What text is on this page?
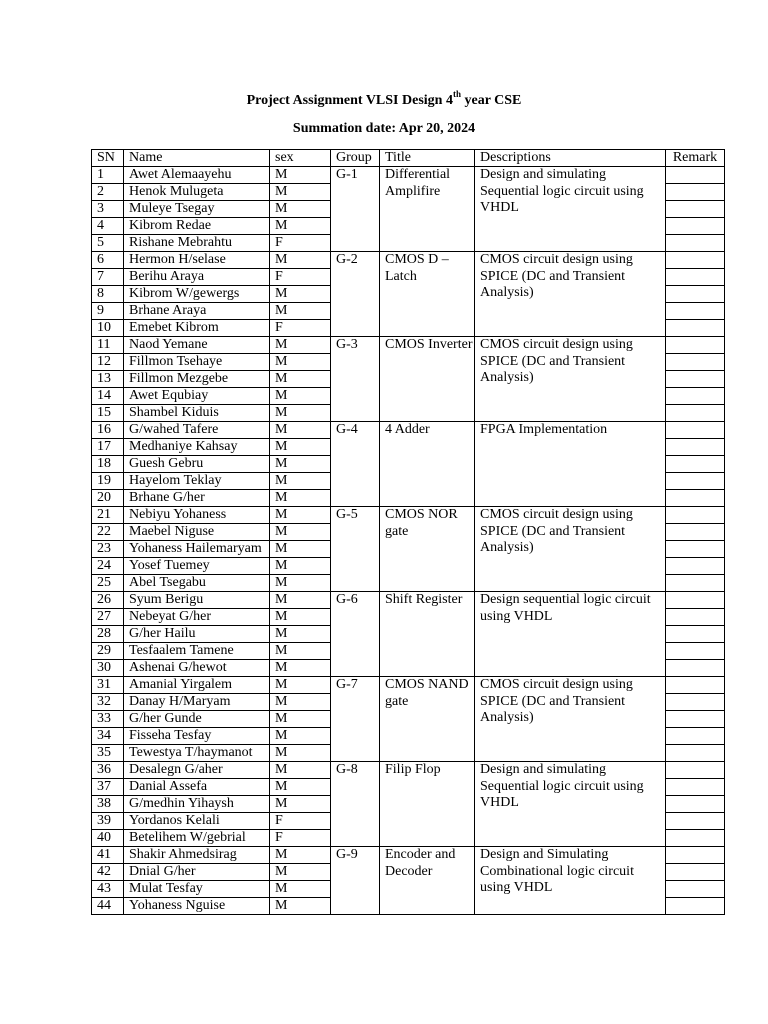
Project Assignment VLSI Design 4th year CSE
Summation date: Apr 20, 2024
SN	Name	sex	Group	Title	Descriptions	Remark
1	Awet Alemaayehu	M	G-1	Differential Amplifire	Design and simulating Sequential logic circuit using VHDL	
2	Henok Mulugeta	M				
3	Muleye Tsegay	M				
4	Kibrom Redae	M				
5	Rishane Mebrahtu	F				
6	Hermon H/selase	M	G-2	CMOS D – Latch	CMOS circuit design using SPICE (DC and Transient Analysis)	
7	Berihu Araya	F				
8	Kibrom W/gewergs	M				
9	Brhane Araya	M				
10	Emebet Kibrom	F				
11	Naod Yemane	M	G-3	CMOS Inverter	CMOS circuit design using SPICE (DC and Transient Analysis)	
12	Fillmon Tsehaye	M				
13	Fillmon Mezgebe	M				
14	Awet Equbiay	M				
15	Shambel Kiduis	M				
16	G/wahed Tafere	M	G-4	4 Adder	FPGA Implementation	
17	Medhaniye Kahsay	M				
18	Guesh Gebru	M				
19	Hayelom Teklay	M				
20	Brhane G/her	M				
21	Nebiyu Yohaness	M	G-5	CMOS NOR gate	CMOS circuit design using SPICE (DC and Transient Analysis)	
22	Maebel Niguse	M				
23	Yohaness Hailemaryam	M				
24	Yosef Tuemey	M				
25	Abel Tsegabu	M				
26	Syum Berigu	M	G-6	Shift Register	Design sequential logic circuit using VHDL	
27	Nebeyat G/her	M				
28	G/her Hailu	M				
29	Tesfaalem Tamene	M				
30	Ashenai G/hewot	M				
31	Amanial Yirgalem	M	G-7	CMOS NAND gate	CMOS circuit design using SPICE (DC and Transient Analysis)	
32	Danay H/Maryam	M				
33	G/her Gunde	M				
34	Fisseha Tesfay	M				
35	Tewestya T/haymanot	M				
36	Desalegn G/aher	M	G-8	Filip Flop	Design and simulating Sequential logic circuit using VHDL	
37	Danial Assefa	M				
38	G/medhin Yihaysh	M				
39	Yordanos Kelali	F				
40	Betelihem W/gebrial	F				
41	Shakir Ahmedsirag	M	G-9	Encoder and Decoder	Design and Simulating Combinational logic circuit using VHDL	
42	Dnial G/her	M				
43	Mulat Tesfay	M				
44	Yohaness Nguise	M				
